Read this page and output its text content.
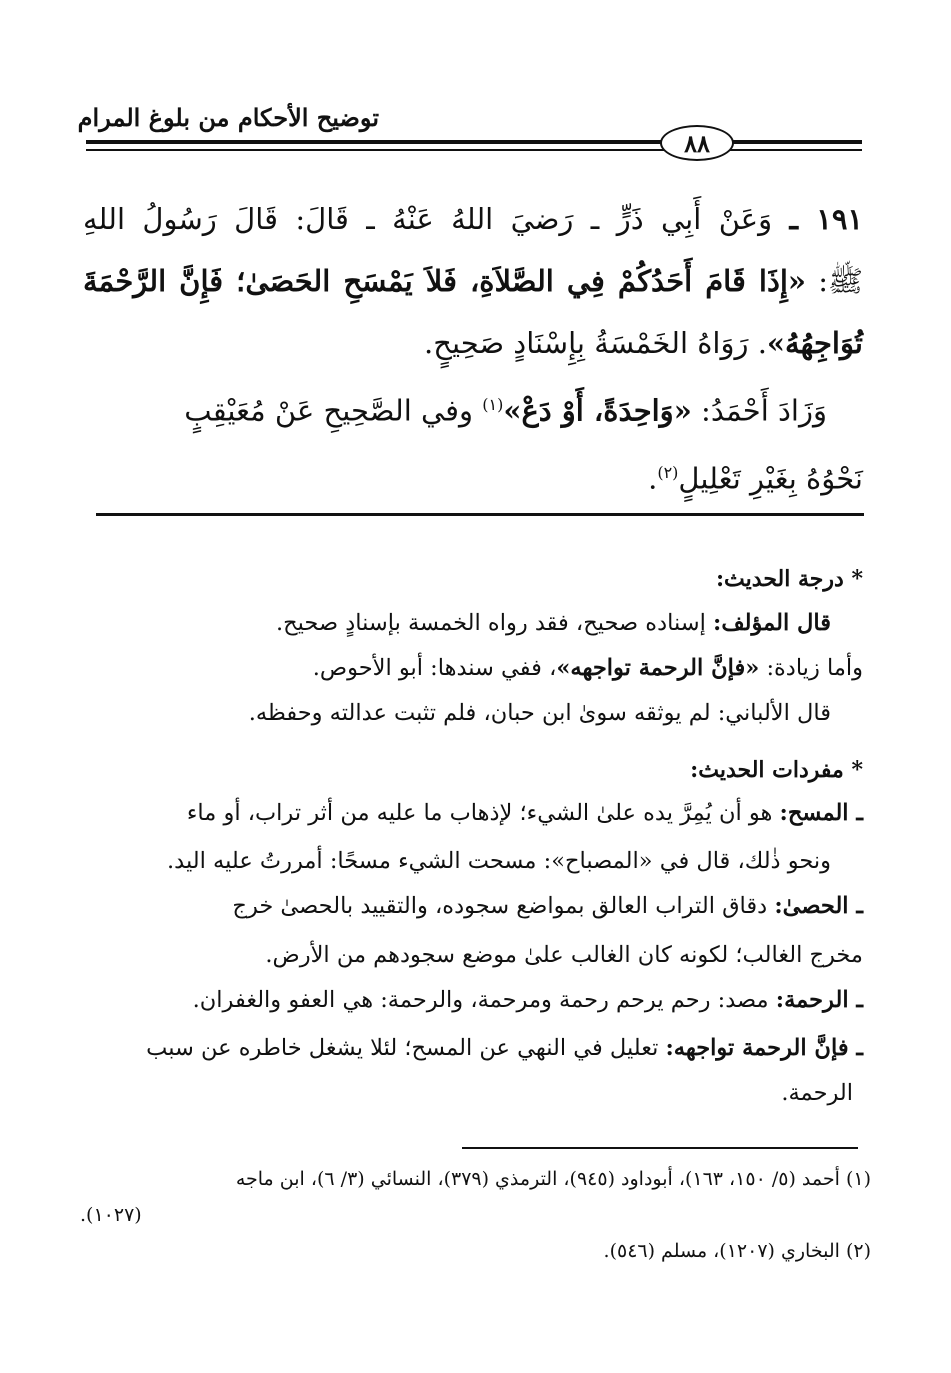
توضيح الأحكام من بلوغ المرام
٨٨

١٩١ ـ وَعَنْ أَبِي ذَرٍّ ـ رَضيَ اللهُ عَنْهُ ـ قَالَ: قَالَ رَسُولُ اللهِ

ﷺ: «إِذَا قَامَ أَحَدُكُمْ فِي الصَّلاَةِ، فَلاَ يَمْسَحِ الحَصَىٰ؛ فَإِنَّ الرَّحْمَةَ

تُوَاجِهُهُ». رَوَاهُ الخَمْسَةُ بِإِسْنَادٍ صَحِيحٍ.

وَزَادَ أَحْمَدُ: «وَاحِدَةً، أَوْ دَعْ»$^{(١)}$ وفي الصَّحِيحِ عَنْ مُعَيْقِبٍ

نَحْوُهُ بِغَيْرِ تَعْلِيلٍ$^{(٢)}$.

* درجة الحديث:
قال المؤلف: إسناده صحيح، فقد رواه الخمسة بإسنادٍ صحيح.
وأما زيادة: «فإنَّ الرحمة تواجهه»، ففي سندها: أبو الأحوص.
قال الألباني: لم يوثقه سوىٰ ابن حبان، فلم تثبت عدالته وحفظه.
* مفردات الحديث:
ـ المسح: هو أن يُمِرَّ يده علىٰ الشيء؛ لإذهاب ما عليه من أثر تراب، أو ماء
ونحو ذٰلك، قال في «المصباح»: مسحت الشيء مسحًا: أمررتُ عليه اليد.
ـ الحصىٰ: دقاق التراب العالق بمواضع سجوده، والتقييد بالحصىٰ خرج
مخرج الغالب؛ لكونه كان الغالب علىٰ موضع سجودهم من الأرض.
ـ الرحمة: مصد: رحم يرحم رحمة ومرحمة، والرحمة: هي العفو والغفران.
ـ فإنَّ الرحمة تواجهه: تعليل في النهي عن المسح؛ لئلا يشغل خاطره عن سبب
الرحمة.
(١) أحمد (٥/ ١٥٠، ١٦٣)، أبوداود (٩٤٥)، الترمذي (٣٧٩)، النسائي (٣/ ٦)، ابن ماجه
(١٠٢٧).
(٢) البخاري (١٢٠٧)، مسلم (٥٤٦).
